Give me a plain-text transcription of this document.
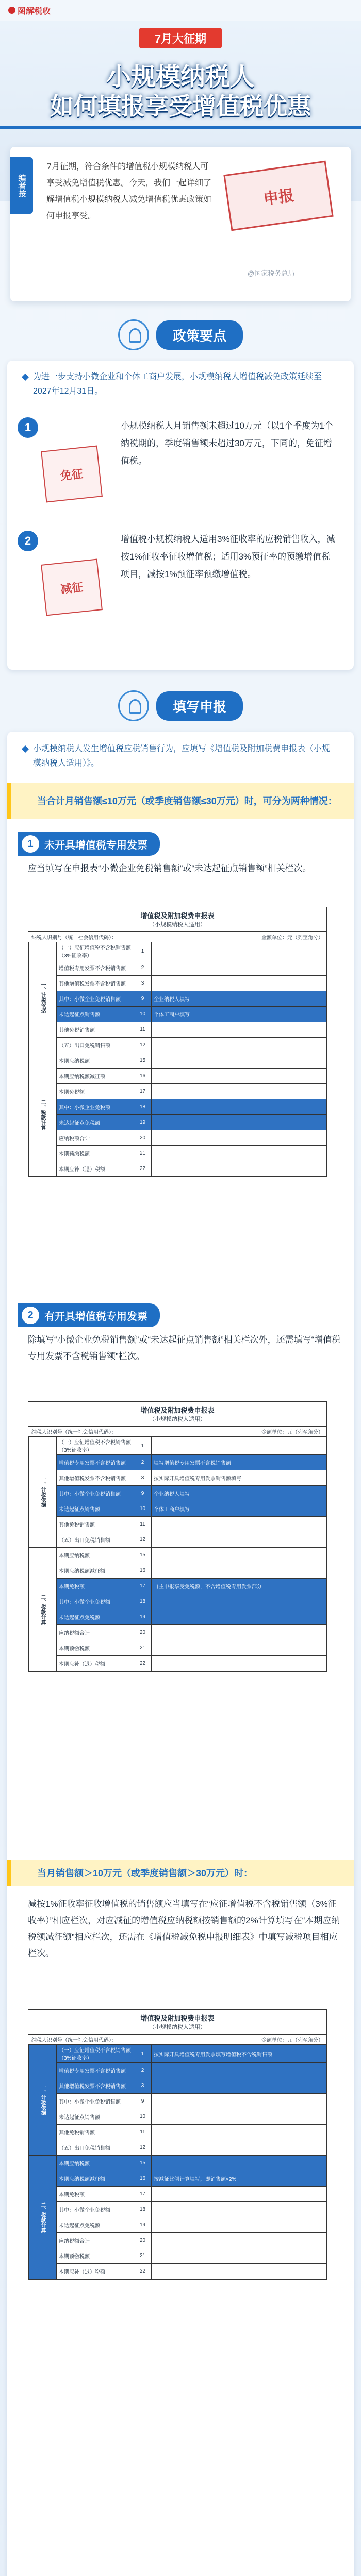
图解税收
7月大征期
小规模纳税人
如何填报享受增值税优惠
编者按
7月征期，符合条件的增值税小规模纳税人可享受减免增值税优惠。今天，我们一起详细了解增值税小规模纳税人减免增值税优惠政策如何申报享受。
申报
@国家税务总局
政策要点
为进一步支持小微企业和个体工商户发展，小规模纳税人增值税减免政策延续至2027年12月31日。
1
免征
小规模纳税人月销售额未超过10万元（以1个季度为1个纳税期的，季度销售额未超过30万元，下同的，免征增值税。
2
减征
增值税小规模纳税人适用3%征收率的应税销售收入，减按1%征收率征收增值税；适用3%预征率的预缴增值税项目，减按1%预征率预缴增值税。
填写申报
小规模纳税人发生增值税应税销售行为，应填写《增值税及附加税费申报表（小规模纳税人适用）》。
当合计月销售额≤10万元（或季度销售额≤30万元）时，可分为两种情况：
1	未开具增值税专用发票
应当填写在申报表“小微企业免税销售额”或“未达起征点销售额”相关栏次。
增值税及附加税费申报表
（小规模纳税人适用）
纳税人识别号（统一社会信用代码）：	金额单位：元（列至角分）
一、计税依据	（一）应征增值税不含税销售额（3%征收率）	1		
	增值税专用发票不含税销售额	2		
	其他增值税发票不含税销售额	3		
	其中：小微企业免税销售额	9	企业纳税人填写	
	未达起征点销售额	10	个体工商户填写	
	其他免税销售额	11		
	（五）出口免税销售额	12		
二、税款计算	本期应纳税额	15		
	本期应纳税额减征额	16		
	本期免税额	17		
	其中：小微企业免税额	18		
	未达起征点免税额	19		
	应纳税额合计	20		
	本期预缴税额	21		
	本期应补（退）税额	22		
2	有开具增值税专用发票
除填写“小微企业免税销售额”或“未达起征点销售额”相关栏次外，还需填写“增值税专用发票不含税销售额”栏次。
增值税及附加税费申报表
（小规模纳税人适用）
纳税人识别号（统一社会信用代码）：	金额单位：元（列至角分）
一、计税依据	（一）应征增值税不含税销售额（3%征收率）	1		
	增值税专用发票不含税销售额	2	填写增值税专用发票不含税销售额	
	其他增值税发票不含税销售额	3	按实际开具增值税专用发票销售额填写	
	其中：小微企业免税销售额	9	企业纳税人填写	
	未达起征点销售额	10	个体工商户填写	
	其他免税销售额	11		
	（五）出口免税销售额	12		
二、税款计算	本期应纳税额	15		
	本期应纳税额减征额	16		
	本期免税额	17	自主申报享受免税额，不含增值税专用发票部分	
	其中：小微企业免税额	18		
	未达起征点免税额	19		
	应纳税额合计	20		
	本期预缴税额	21		
	本期应补（退）税额	22		
当月销售额＞10万元（或季度销售额＞30万元）时：
减按1%征收率征收增值税的销售额应当填写在“应征增值税不含税销售额（3%征收率）”相应栏次，对应减征的增值税应纳税额按销售额的2%计算填写在“本期应纳税额减征额”相应栏次，还需在《增值税减免税申报明细表》中填写减税项目相应栏次。
增值税及附加税费申报表
（小规模纳税人适用）
纳税人识别号（统一社会信用代码）：	金额单位：元（列至角分）
一、计税依据	（一）应征增值税不含税销售额（3%征收率）	1	按实际开具增值税专用发票填写增值税不含税销售额	
	增值税专用发票不含税销售额	2		
	其他增值税发票不含税销售额	3		
	其中：小微企业免税销售额	9		
	未达起征点销售额	10		
	其他免税销售额	11		
	（五）出口免税销售额	12		
二、税款计算	本期应纳税额	15		
	本期应纳税额减征额	16	按减征比例计算填写，即销售额×2%	
	本期免税额	17		
	其中：小微企业免税额	18		
	未达起征点免税额	19		
	应纳税额合计	20		
	本期预缴税额	21		
	本期应补（退）税额	22		
